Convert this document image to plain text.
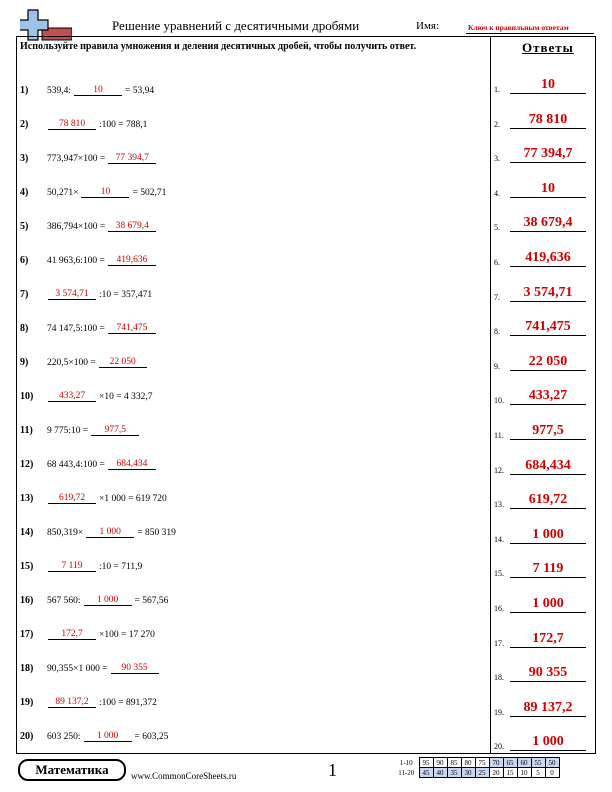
Решение уравнений с десятичными дробями	Имя:	Ключ к правильным ответам
Используйте правила умножения и деления десятичных дробей, чтобы получить ответ.	Ответы
1)	539,4:	10	= 53,94
2)	78 810	:100 = 788,1
3)	773,947×100 =	77 394,7
4)	50,271×	10	= 502,71
5)	386,794×100 =	38 679,4
6)	41 963,6:100 =	419,636
7)	3 574,71	:10 = 357,471
8)	74 147,5:100 =	741,475
9)	220,5×100 =	22 050
10)	433,27	×10 = 4 332,7
11)	9 775:10 =	977,5
12)	68 443,4:100 =	684,434
13)	619,72	×1 000 = 619 720
14)	850,319×	1 000	= 850 319
15)	7 119	:10 = 711,9
16)	567 560:	1 000	= 567,56
17)	172,7	×100 = 17 270
18)	90,355×1 000 =	90 355
19)	89 137,2	:100 = 891,372
20)	603 250:	1 000	= 603,25
1.	10
2.	78 810
3.	77 394,7
4.	10
5.	38 679,4
6.	419,636
7.	3 574,71
8.	741,475
9.	22 050
10.	433,27
11.	977,5
12.	684,434
13.	619,72
14.	1 000
15.	7 119
16.	1 000
17.	172,7
18.	90 355
19.	89 137,2
20.	1 000
Математика	www.CommonCoreSheets.ru	1	1-10	95	90	85	80	75	70	65	60	55	50
11-20	45	40	35	30	25	20	15	10	5	0
